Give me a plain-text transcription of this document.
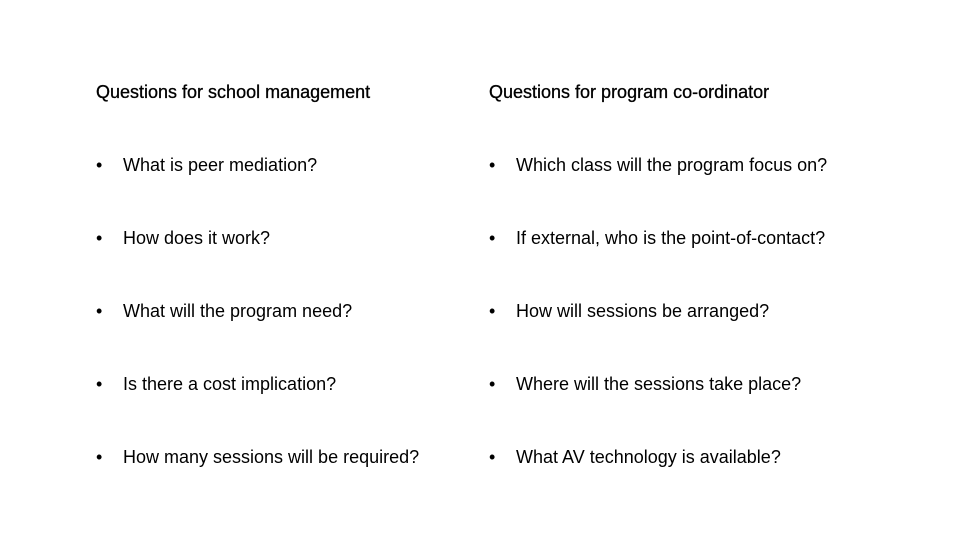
Questions for school management
•	What is peer mediation?
•	How does it work?
•	What will the program need?
•	Is there a cost implication?
•	How many sessions will be required?
Questions for program co-ordinator
•	Which class will the program focus on?
•	If external, who is the point-of-contact?
•	How will sessions be arranged?
•	Where will the sessions take place?
•	What AV technology is available?
